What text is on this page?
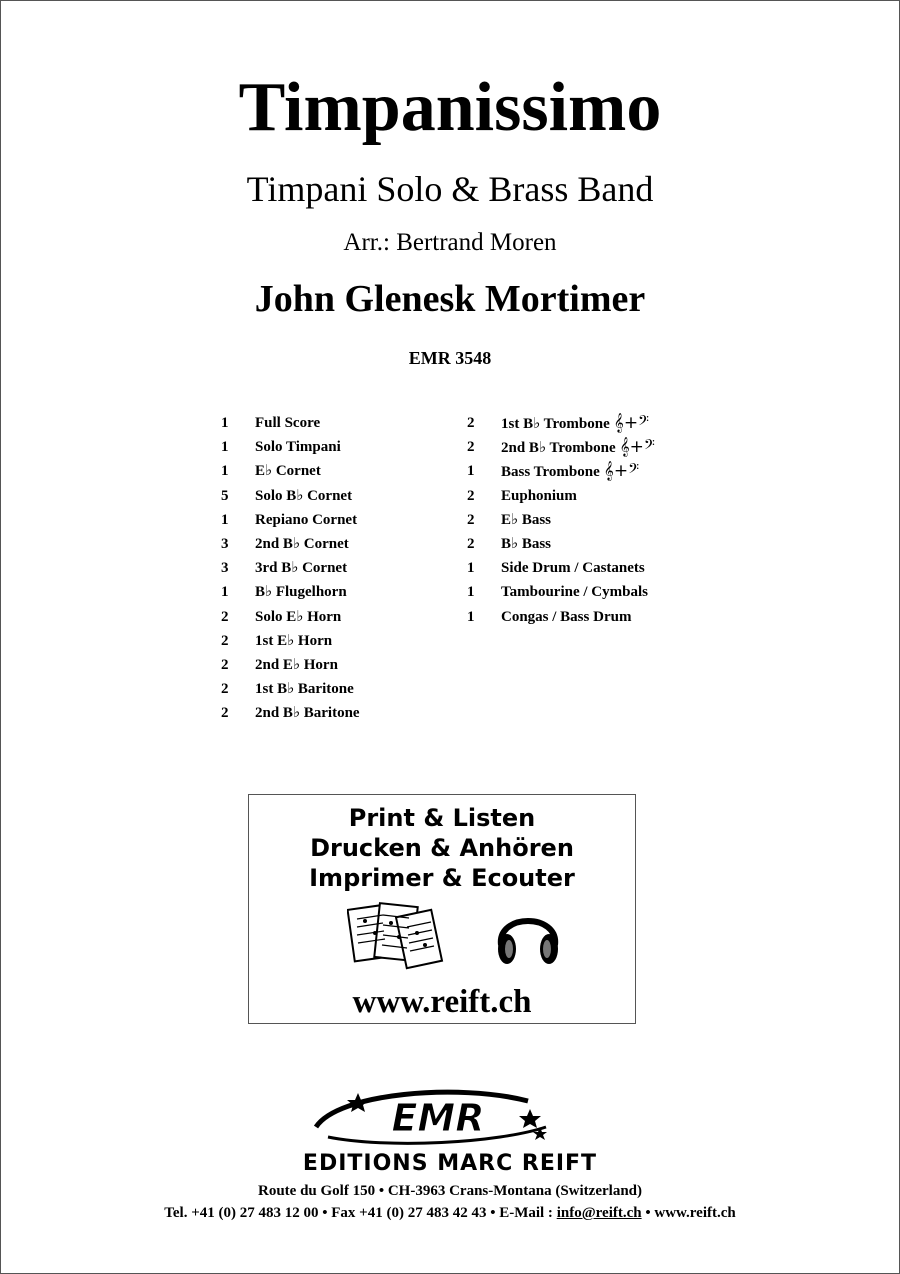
Timpanissimo
Timpani Solo & Brass Band
Arr.: Bertrand Moren
John Glenesk Mortimer
EMR 3548
1	Full Score
1	Solo Timpani
1	E♭ Cornet
5	Solo B♭ Cornet
1	Repiano Cornet
3	2nd B♭ Cornet
3	3rd B♭ Cornet
1	B♭ Flugelhorn
2	Solo E♭ Horn
2	1st E♭ Horn
2	2nd E♭ Horn
2	1st B♭ Baritone
2	2nd B♭ Baritone
2	1st B♭ Trombone 𝄞+𝄢
2	2nd B♭ Trombone 𝄞+𝄢
1	Bass Trombone 𝄞+𝄢
2	Euphonium
2	E♭ Bass
2	B♭ Bass
1	Side Drum / Castanets
1	Tambourine / Cymbals
1	Congas / Bass Drum
Print & Listen
Drucken & Anhören
Imprimer & Ecouter
www.reift.ch
EMR
EDITIONS MARC REIFT
Route du Golf 150 • CH-3963 Crans-Montana (Switzerland)
Tel. +41 (0) 27 483 12 00 • Fax +41 (0) 27 483 42 43 • E-Mail : info@reift.ch • www.reift.ch
